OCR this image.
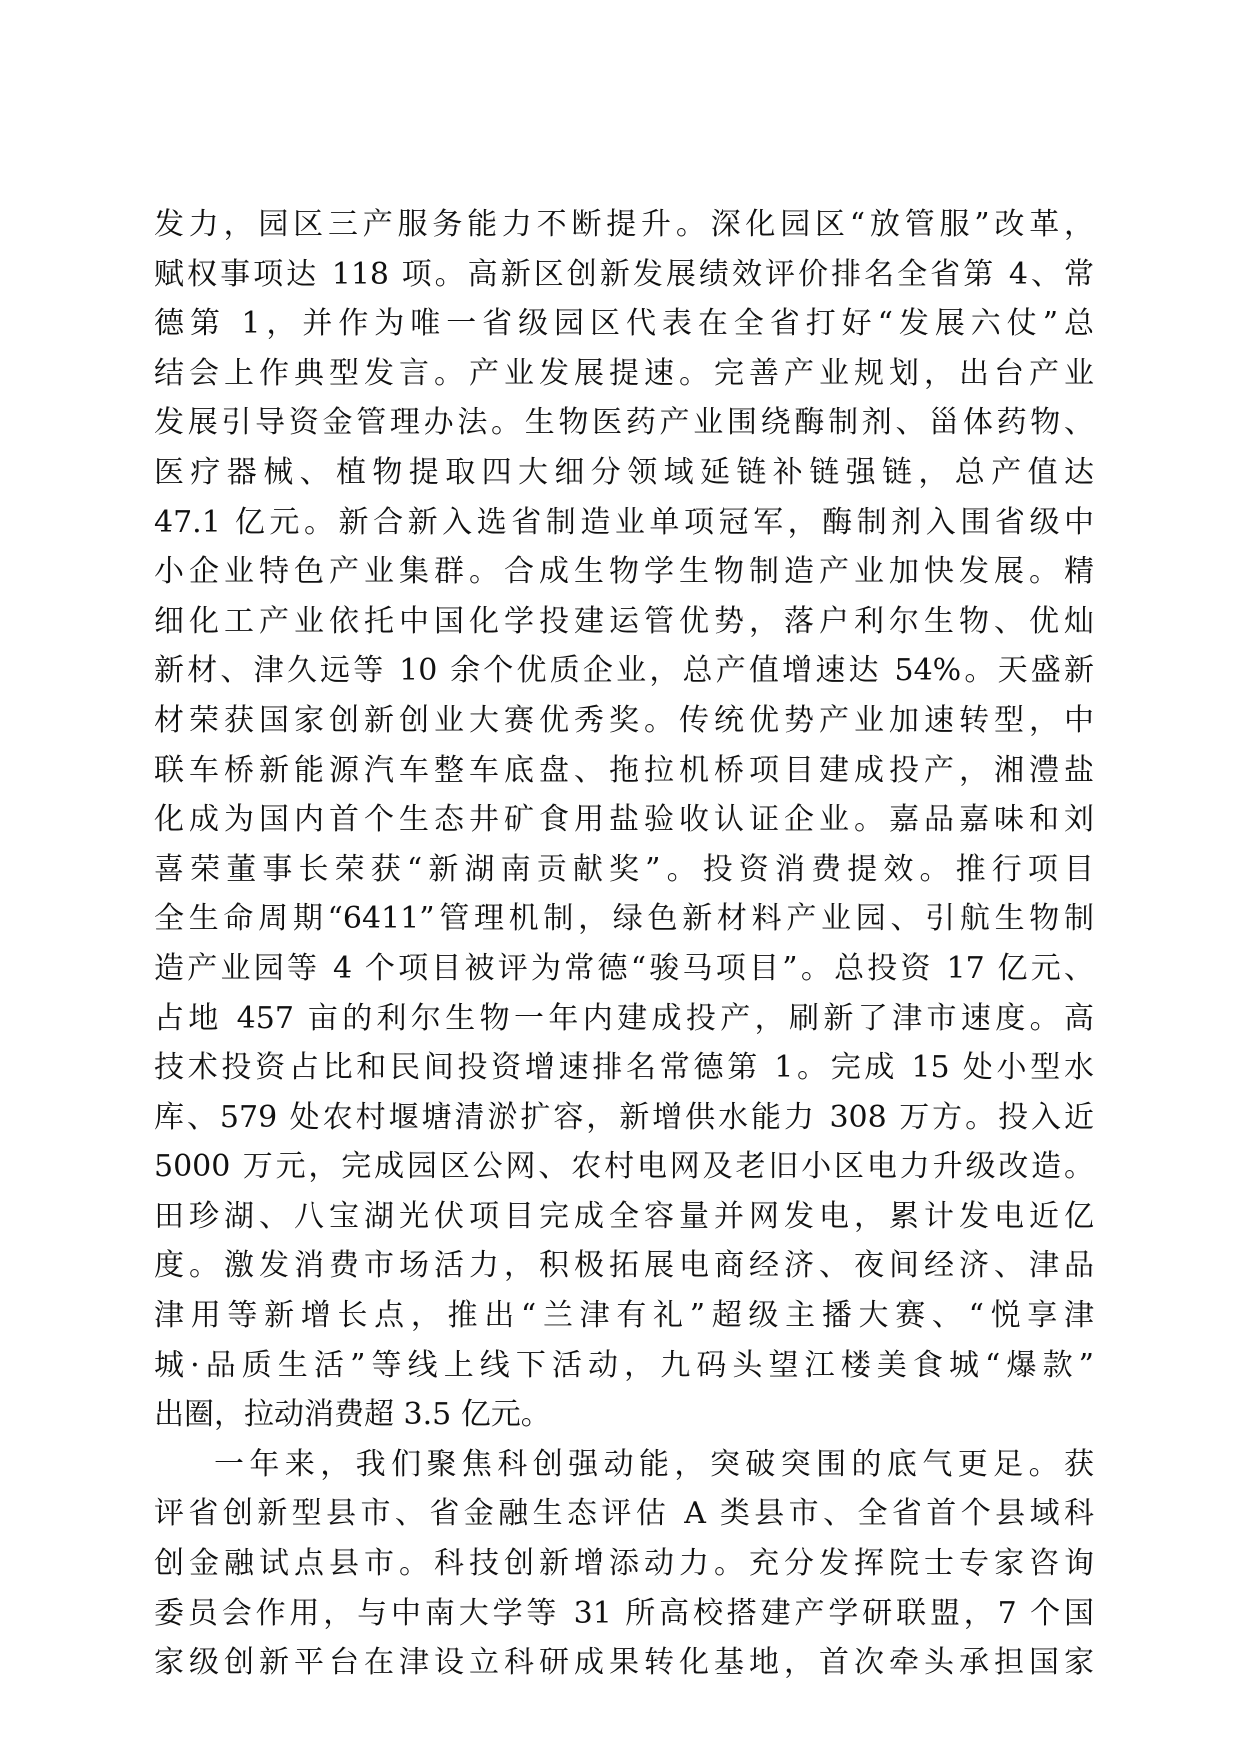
发力，园区三产服务能力不断提升。深化园区“放管服”改革，
赋权事项达 118 项。高新区创新发展绩效评价排名全省第 4、常
德第 1，并作为唯一省级园区代表在全省打好“发展六仗”总
结会上作典型发言。产业发展提速。完善产业规划，出台产业
发展引导资金管理办法。生物医药产业围绕酶制剂、甾体药物、
医疗器械、植物提取四大细分领域延链补链强链，总产值达
47.1 亿元。新合新入选省制造业单项冠军，酶制剂入围省级中
小企业特色产业集群。合成生物学生物制造产业加快发展。精
细化工产业依托中国化学投建运管优势，落户利尔生物、优灿
新材、津久远等 10 余个优质企业，总产值增速达 54%。天盛新
材荣获国家创新创业大赛优秀奖。传统优势产业加速转型，中
联车桥新能源汽车整车底盘、拖拉机桥项目建成投产，湘澧盐
化成为国内首个生态井矿食用盐验收认证企业。嘉品嘉味和刘
喜荣董事长荣获“新湖南贡献奖”。投资消费提效。推行项目
全生命周期“6411”管理机制，绿色新材料产业园、引航生物制
造产业园等 4 个项目被评为常德“骏马项目”。总投资 17 亿元、
占地 457 亩的利尔生物一年内建成投产，刷新了津市速度。高
技术投资占比和民间投资增速排名常德第 1。完成 15 处小型水
库、579 处农村堰塘清淤扩容，新增供水能力 308 万方。投入近
5000 万元，完成园区公网、农村电网及老旧小区电力升级改造。
田珍湖、八宝湖光伏项目完成全容量并网发电，累计发电近亿
度。激发消费市场活力，积极拓展电商经济、夜间经济、津品
津用等新增长点，推出“兰津有礼”超级主播大赛、“悦享津
城·品质生活”等线上线下活动，九码头望江楼美食城“爆款”
出圈，拉动消费超 3.5 亿元。
一年来，我们聚焦科创强动能，突破突围的底气更足。获
评省创新型县市、省金融生态评估 A 类县市、全省首个县域科
创金融试点县市。科技创新增添动力。充分发挥院士专家咨询
委员会作用，与中南大学等 31 所高校搭建产学研联盟，7 个国
家级创新平台在津设立科研成果转化基地，首次牵头承担国家
